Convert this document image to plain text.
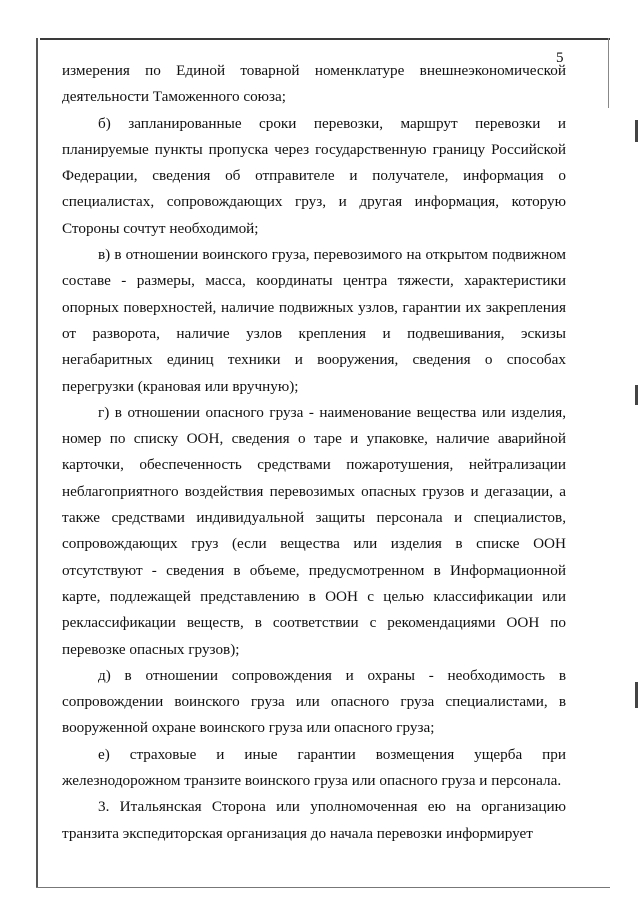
5

измерения по Единой товарной номенклатуре внешнеэкономической деятельности Таможенного союза;

б) запланированные сроки перевозки, маршрут перевозки и планируемые пункты пропуска через государственную границу Российской Федерации, сведения об отправителе и получателе, информация о специалистах, сопровождающих груз, и другая информация, которую Стороны сочтут необходимой;

в) в отношении воинского груза, перевозимого на открытом подвижном составе - размеры, масса, координаты центра тяжести, характеристики опорных поверхностей, наличие подвижных узлов, гарантии их закрепления от разворота, наличие узлов крепления и подвешивания, эскизы негабаритных единиц техники и вооружения, сведения о способах перегрузки (крановая или вручную);

г) в отношении опасного груза - наименование вещества или изделия, номер по списку ООН, сведения о таре и упаковке, наличие аварийной карточки, обеспеченность средствами пожаротушения, нейтрализации неблагоприятного воздействия перевозимых опасных грузов и дегазации, а также средствами индивидуальной защиты персонала и специалистов, сопровождающих груз (если вещества или изделия в списке ООН отсутствуют - сведения в объеме, предусмотренном в Информационной карте, подлежащей представлению в ООН с целью классификации или реклассификации веществ, в соответствии с рекомендациями ООН по перевозке опасных грузов);

д) в отношении сопровождения и охраны - необходимость в сопровождении воинского груза или опасного груза специалистами, в вооруженной охране воинского груза или опасного груза;

е) страховые и иные гарантии возмещения ущерба при железнодорожном транзите воинского груза или опасного груза и персонала.

3. Итальянская Сторона или уполномоченная ею на организацию транзита экспедиторская организация до начала перевозки информирует
